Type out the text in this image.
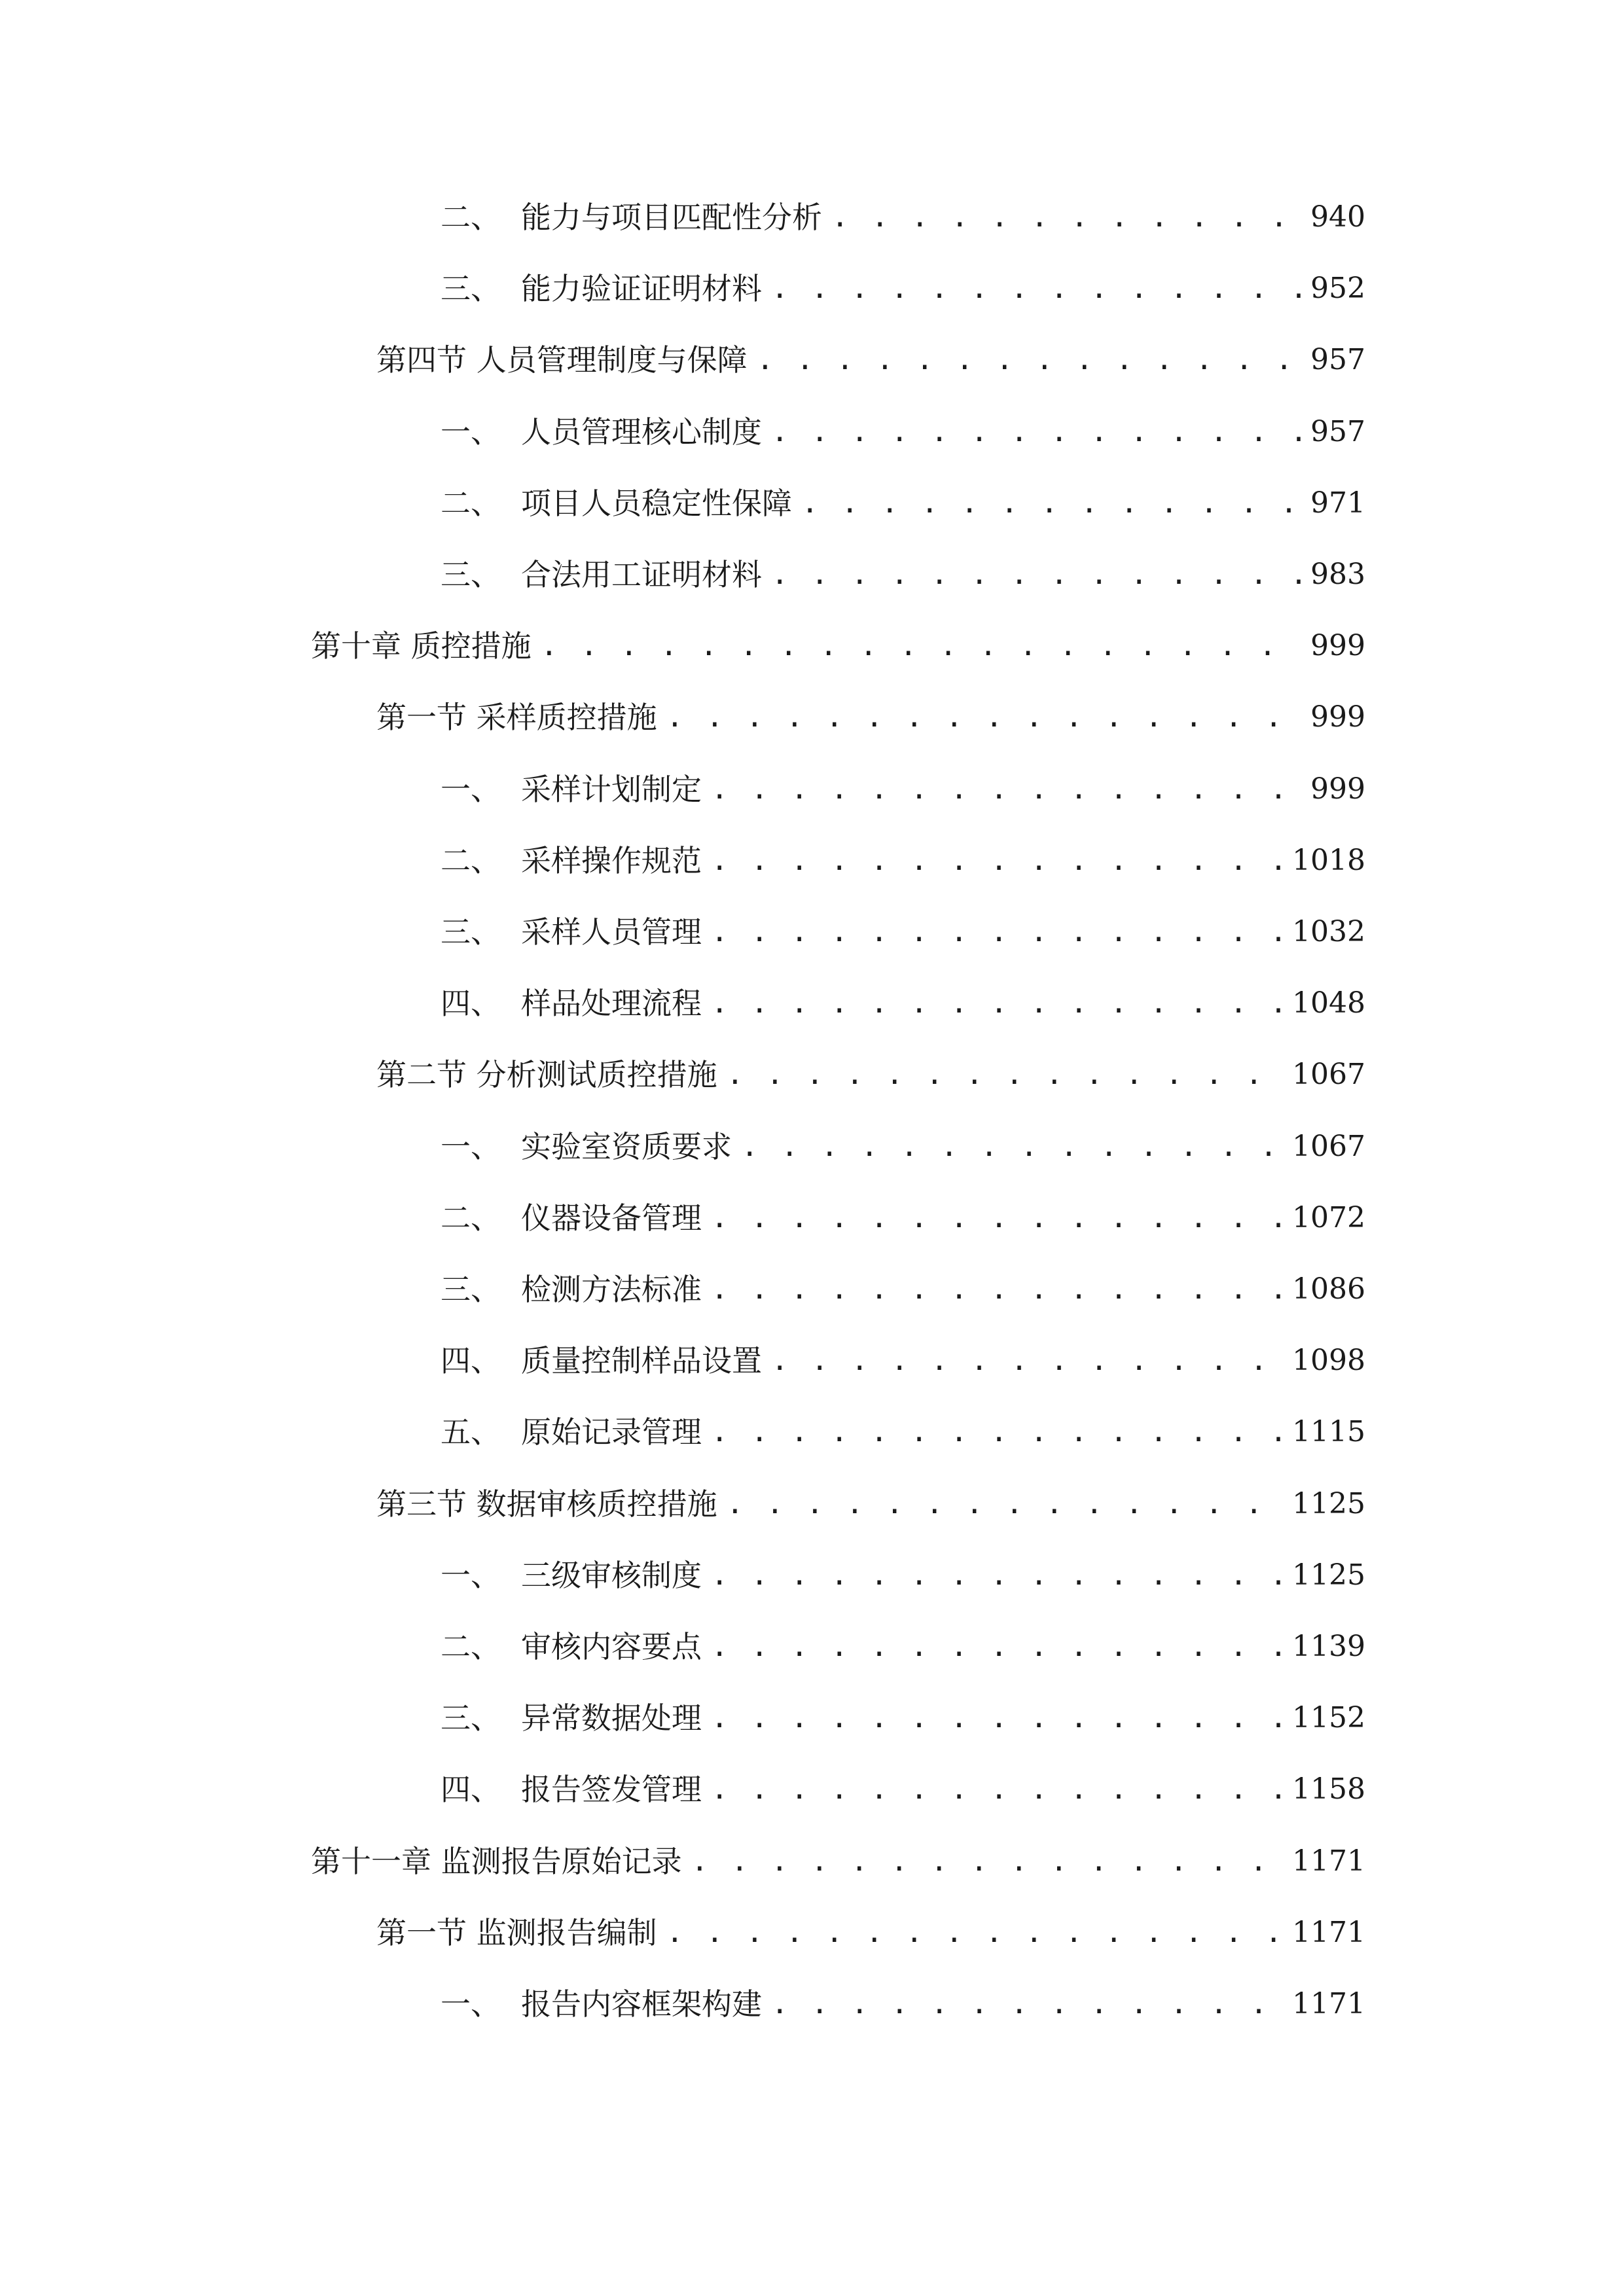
二、 能力与项目匹配性分析 . . .	940
三、 能力验证证明材料 . . .	952
第四节 人员管理制度与保障 . . .	957
一、 人员管理核心制度 . . .	957
二、 项目人员稳定性保障 . . .	971
三、 合法用工证明材料 . . .	983
第十章 质控措施 . . .	999
第一节 采样质控措施 . . .	999
一、 采样计划制定 . . .	999
二、 采样操作规范 . . .	1018
三、 采样人员管理 . . .	1032
四、 样品处理流程 . . .	1048
第二节 分析测试质控措施 . . .	1067
一、 实验室资质要求 . . .	1067
二、 仪器设备管理 . . .	1072
三、 检测方法标准 . . .	1086
四、 质量控制样品设置 . . .	1098
五、 原始记录管理 . . .	1115
第三节 数据审核质控措施 . . .	1125
一、 三级审核制度 . . .	1125
二、 审核内容要点 . . .	1139
三、 异常数据处理 . . .	1152
四、 报告签发管理 . . .	1158
第十一章 监测报告原始记录 . . .	1171
第一节 监测报告编制 . . .	1171
一、 报告内容框架构建 . . .	1171
